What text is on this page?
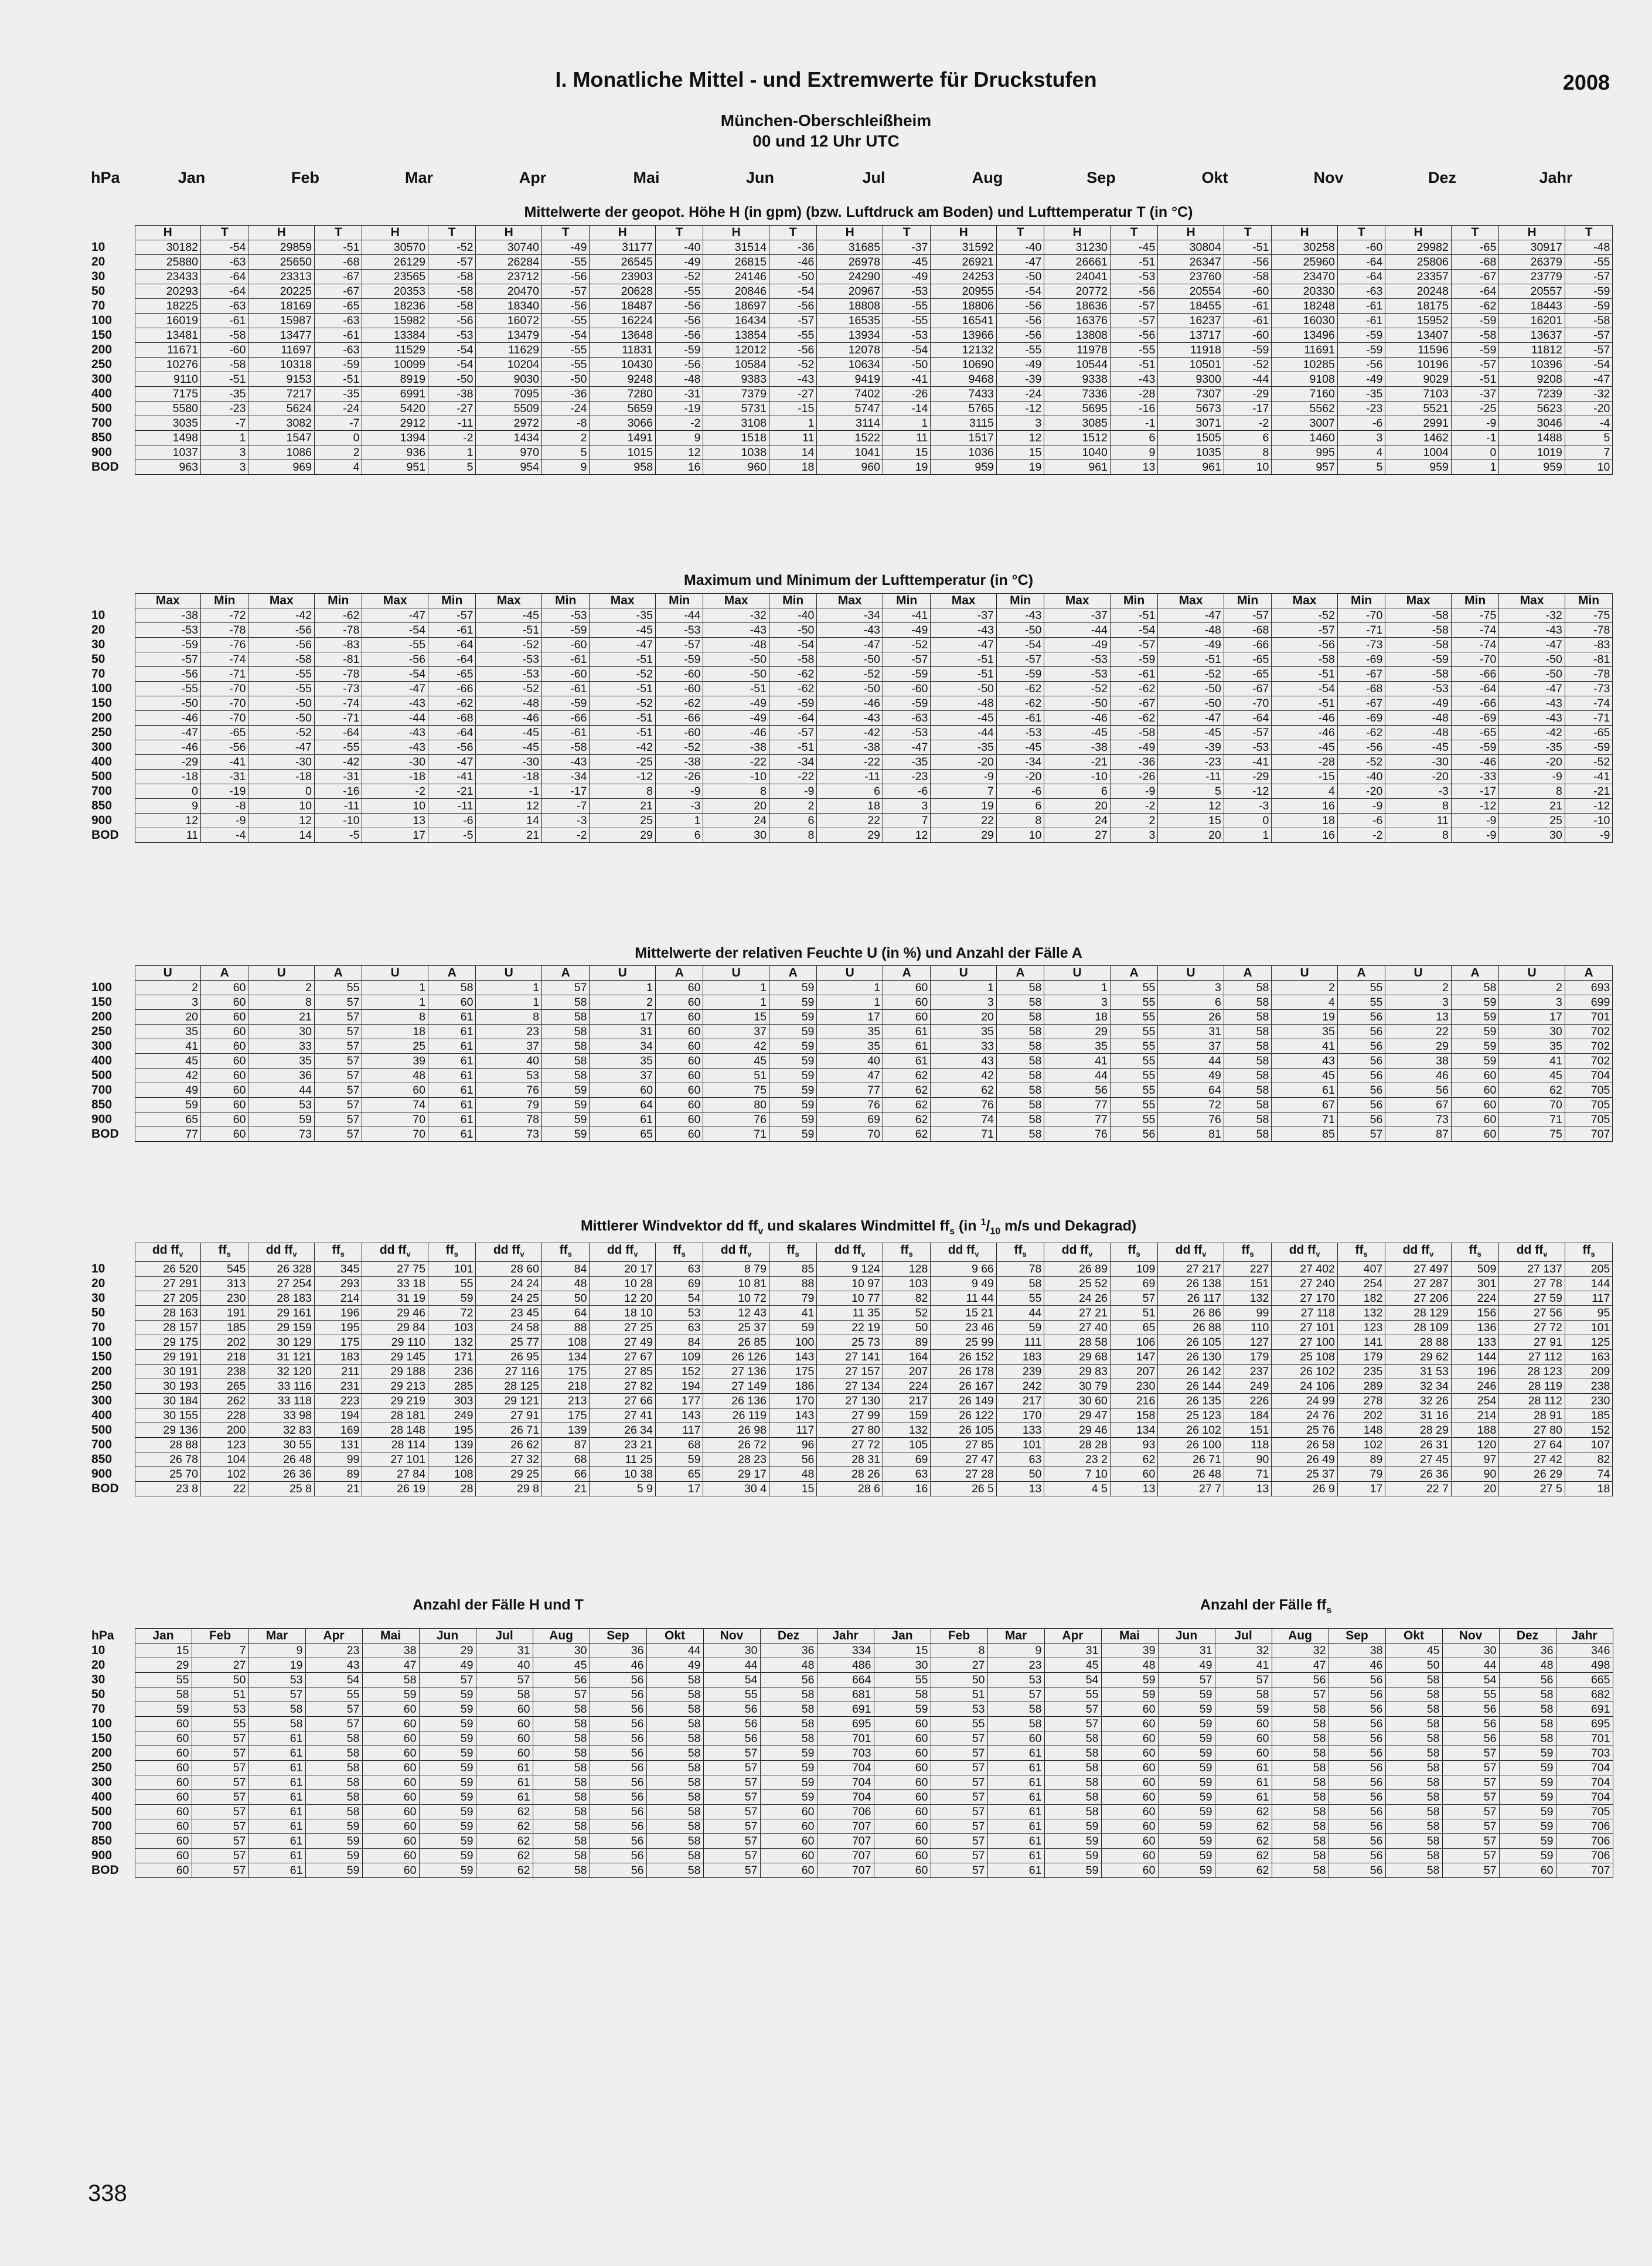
I. Monatliche Mittel - und Extremwerte für Druckstufen	2008
München-Oberschleißheim
00 und 12 Uhr UTC
hPa	Jan	Feb	Mar	Apr	Mai	Jun	Jul	Aug	Sep	Okt	Nov	Dez	Jahr
Mittelwerte der geopot. Höhe H (in gpm) (bzw. Luftdruck am Boden) und Lufttemperatur T (in °C)
	H	T	H	T	H	T	H	T	H	T	H	T	H	T	H	T	H	T	H	T	H	T	H	T	H	T
10	30182	-54	29859	-51	30570	-52	30740	-49	31177	-40	31514	-36	31685	-37	31592	-40	31230	-45	30804	-51	30258	-60	29982	-65	30917	-48
20	25880	-63	25650	-68	26129	-57	26284	-55	26545	-49	26815	-46	26978	-45	26921	-47	26661	-51	26347	-56	25960	-64	25806	-68	26379	-55
30	23433	-64	23313	-67	23565	-58	23712	-56	23903	-52	24146	-50	24290	-49	24253	-50	24041	-53	23760	-58	23470	-64	23357	-67	23779	-57
50	20293	-64	20225	-67	20353	-58	20470	-57	20628	-55	20846	-54	20967	-53	20955	-54	20772	-56	20554	-60	20330	-63	20248	-64	20557	-59
70	18225	-63	18169	-65	18236	-58	18340	-56	18487	-56	18697	-56	18808	-55	18806	-56	18636	-57	18455	-61	18248	-61	18175	-62	18443	-59
100	16019	-61	15987	-63	15982	-56	16072	-55	16224	-56	16434	-57	16535	-55	16541	-56	16376	-57	16237	-61	16030	-61	15952	-59	16201	-58
150	13481	-58	13477	-61	13384	-53	13479	-54	13648	-56	13854	-55	13934	-53	13966	-56	13808	-56	13717	-60	13496	-59	13407	-58	13637	-57
200	11671	-60	11697	-63	11529	-54	11629	-55	11831	-59	12012	-56	12078	-54	12132	-55	11978	-55	11918	-59	11691	-59	11596	-59	11812	-57
250	10276	-58	10318	-59	10099	-54	10204	-55	10430	-56	10584	-52	10634	-50	10690	-49	10544	-51	10501	-52	10285	-56	10196	-57	10396	-54
300	9110	-51	9153	-51	8919	-50	9030	-50	9248	-48	9383	-43	9419	-41	9468	-39	9338	-43	9300	-44	9108	-49	9029	-51	9208	-47
400	7175	-35	7217	-35	6991	-38	7095	-36	7280	-31	7379	-27	7402	-26	7433	-24	7336	-28	7307	-29	7160	-35	7103	-37	7239	-32
500	5580	-23	5624	-24	5420	-27	5509	-24	5659	-19	5731	-15	5747	-14	5765	-12	5695	-16	5673	-17	5562	-23	5521	-25	5623	-20
700	3035	-7	3082	-7	2912	-11	2972	-8	3066	-2	3108	1	3114	1	3115	3	3085	-1	3071	-2	3007	-6	2991	-9	3046	-4
850	1498	1	1547	0	1394	-2	1434	2	1491	9	1518	11	1522	11	1517	12	1512	6	1505	6	1460	3	1462	-1	1488	5
900	1037	3	1086	2	936	1	970	5	1015	12	1038	14	1041	15	1036	15	1040	9	1035	8	995	4	1004	0	1019	7
BOD	963	3	969	4	951	5	954	9	958	16	960	18	960	19	959	19	961	13	961	10	957	5	959	1	959	10
Maximum und Minimum der Lufttemperatur (in °C)
	Max	Min	Max	Min	Max	Min	Max	Min	Max	Min	Max	Min	Max	Min	Max	Min	Max	Min	Max	Min	Max	Min	Max	Min	Max	Min
10	-38	-72	-42	-62	-47	-57	-45	-53	-35	-44	-32	-40	-34	-41	-37	-43	-37	-51	-47	-57	-52	-70	-58	-75	-32	-75
20	-53	-78	-56	-78	-54	-61	-51	-59	-45	-53	-43	-50	-43	-49	-43	-50	-44	-54	-48	-68	-57	-71	-58	-74	-43	-78
30	-59	-76	-56	-83	-55	-64	-52	-60	-47	-57	-48	-54	-47	-52	-47	-54	-49	-57	-49	-66	-56	-73	-58	-74	-47	-83
50	-57	-74	-58	-81	-56	-64	-53	-61	-51	-59	-50	-58	-50	-57	-51	-57	-53	-59	-51	-65	-58	-69	-59	-70	-50	-81
70	-56	-71	-55	-78	-54	-65	-53	-60	-52	-60	-50	-62	-52	-59	-51	-59	-53	-61	-52	-65	-51	-67	-58	-66	-50	-78
100	-55	-70	-55	-73	-47	-66	-52	-61	-51	-60	-51	-62	-50	-60	-50	-62	-52	-62	-50	-67	-54	-68	-53	-64	-47	-73
150	-50	-70	-50	-74	-43	-62	-48	-59	-52	-62	-49	-59	-46	-59	-48	-62	-50	-67	-50	-70	-51	-67	-49	-66	-43	-74
200	-46	-70	-50	-71	-44	-68	-46	-66	-51	-66	-49	-64	-43	-63	-45	-61	-46	-62	-47	-64	-46	-69	-48	-69	-43	-71
250	-47	-65	-52	-64	-43	-64	-45	-61	-51	-60	-46	-57	-42	-53	-44	-53	-45	-58	-45	-57	-46	-62	-48	-65	-42	-65
300	-46	-56	-47	-55	-43	-56	-45	-58	-42	-52	-38	-51	-38	-47	-35	-45	-38	-49	-39	-53	-45	-56	-45	-59	-35	-59
400	-29	-41	-30	-42	-30	-47	-30	-43	-25	-38	-22	-34	-22	-35	-20	-34	-21	-36	-23	-41	-28	-52	-30	-46	-20	-52
500	-18	-31	-18	-31	-18	-41	-18	-34	-12	-26	-10	-22	-11	-23	-9	-20	-10	-26	-11	-29	-15	-40	-20	-33	-9	-41
700	0	-19	0	-16	-2	-21	-1	-17	8	-9	8	-9	6	-6	7	-6	6	-9	5	-12	4	-20	-3	-17	8	-21
850	9	-8	10	-11	10	-11	12	-7	21	-3	20	2	18	3	19	6	20	-2	12	-3	16	-9	8	-12	21	-12
900	12	-9	12	-10	13	-6	14	-3	25	1	24	6	22	7	22	8	24	2	15	0	18	-6	11	-9	25	-10
BOD	11	-4	14	-5	17	-5	21	-2	29	6	30	8	29	12	29	10	27	3	20	1	16	-2	8	-9	30	-9
Mittelwerte der relativen Feuchte U (in %) und Anzahl der Fälle A
	U	A	U	A	U	A	U	A	U	A	U	A	U	A	U	A	U	A	U	A	U	A	U	A	U	A
100	2	60	2	55	1	58	1	57	1	60	1	59	1	60	1	58	1	55	3	58	2	55	2	58	2	693
150	3	60	8	57	1	60	1	58	2	60	1	59	1	60	3	58	3	55	6	58	4	55	3	59	3	699
200	20	60	21	57	8	61	8	58	17	60	15	59	17	60	20	58	18	55	26	58	19	56	13	59	17	701
250	35	60	30	57	18	61	23	58	31	60	37	59	35	61	35	58	29	55	31	58	35	56	22	59	30	702
300	41	60	33	57	25	61	37	58	34	60	42	59	35	61	33	58	35	55	37	58	41	56	29	59	35	702
400	45	60	35	57	39	61	40	58	35	60	45	59	40	61	43	58	41	55	44	58	43	56	38	59	41	702
500	42	60	36	57	48	61	53	58	37	60	51	59	47	62	42	58	44	55	49	58	45	56	46	60	45	704
700	49	60	44	57	60	61	76	59	60	60	75	59	77	62	62	58	56	55	64	58	61	56	56	60	62	705
850	59	60	53	57	74	61	79	59	64	60	80	59	76	62	76	58	77	55	72	58	67	56	67	60	70	705
900	65	60	59	57	70	61	78	59	61	60	76	59	69	62	74	58	77	55	76	58	71	56	73	60	71	705
BOD	77	60	73	57	70	61	73	59	65	60	71	59	70	62	71	58	76	56	81	58	85	57	87	60	75	707
Mittlerer Windvektor dd $ff_v$ und skalares Windmittel $ff_s$ (in $^1/_{10}$ m/s und Dekagrad)
	dd $ff_v$	$ff_s$	dd $ff_v$	$ff_s$	dd $ff_v$	$ff_s$	dd $ff_v$	$ff_s$	dd $ff_v$	$ff_s$	dd $ff_v$	$ff_s$	dd $ff_v$	$ff_s$	dd $ff_v$	$ff_s$	dd $ff_v$	$ff_s$	dd $ff_v$	$ff_s$	dd $ff_v$	$ff_s$	dd $ff_v$	$ff_s$	dd $ff_v$	$ff_s$
10	26 520	545	26 328	345	27 75	101	28 60	84	20 17	63	8 79	85	9 124	128	9 66	78	26 89	109	27 217	227	27 402	407	27 497	509	27 137	205
20	27 291	313	27 254	293	33 18	55	24 24	48	10 28	69	10 81	88	10 97	103	9 49	58	25 52	69	26 138	151	27 240	254	27 287	301	27 78	144
30	27 205	230	28 183	214	31 19	59	24 25	50	12 20	54	10 72	79	10 77	82	11 44	55	24 26	57	26 117	132	27 170	182	27 206	224	27 59	117
50	28 163	191	29 161	196	29 46	72	23 45	64	18 10	53	12 43	41	11 35	52	15 21	44	27 21	51	26 86	99	27 118	132	28 129	156	27 56	95
70	28 157	185	29 159	195	29 84	103	24 58	88	27 25	63	25 37	59	22 19	50	23 46	59	27 40	65	26 88	110	27 101	123	28 109	136	27 72	101
100	29 175	202	30 129	175	29 110	132	25 77	108	27 49	84	26 85	100	25 73	89	25 99	111	28 58	106	26 105	127	27 100	141	28 88	133	27 91	125
150	29 191	218	31 121	183	29 145	171	26 95	134	27 67	109	26 126	143	27 141	164	26 152	183	29 68	147	26 130	179	25 108	179	29 62	144	27 112	163
200	30 191	238	32 120	211	29 188	236	27 116	175	27 85	152	27 136	175	27 157	207	26 178	239	29 83	207	26 142	237	26 102	235	31 53	196	28 123	209
250	30 193	265	33 116	231	29 213	285	28 125	218	27 82	194	27 149	186	27 134	224	26 167	242	30 79	230	26 144	249	24 106	289	32 34	246	28 119	238
300	30 184	262	33 118	223	29 219	303	29 121	213	27 66	177	26 136	170	27 130	217	26 149	217	30 60	216	26 135	226	24 99	278	32 26	254	28 112	230
400	30 155	228	33 98	194	28 181	249	27 91	175	27 41	143	26 119	143	27 99	159	26 122	170	29 47	158	25 123	184	24 76	202	31 16	214	28 91	185
500	29 136	200	32 83	169	28 148	195	26 71	139	26 34	117	26 98	117	27 80	132	26 105	133	29 46	134	26 102	151	25 76	148	28 29	188	27 80	152
700	28 88	123	30 55	131	28 114	139	26 62	87	23 21	68	26 72	96	27 72	105	27 85	101	28 28	93	26 100	118	26 58	102	26 31	120	27 64	107
850	26 78	104	26 48	99	27 101	126	27 32	68	11 25	59	28 23	56	28 31	69	27 47	63	23 2	62	26 71	90	26 49	89	27 45	97	27 42	82
900	25 70	102	26 36	89	27 84	108	29 25	66	10 38	65	29 17	48	28 26	63	27 28	50	7 10	60	26 48	71	25 37	79	26 36	90	26 29	74
BOD	23 8	22	25 8	21	26 19	28	29 8	21	5 9	17	30 4	15	28 6	16	26 5	13	4 5	13	27 7	13	26 9	17	22 7	20	27 5	18
Anzahl der Fälle H und T	Anzahl der Fälle $ff_s$
hPa	Jan	Feb	Mar	Apr	Mai	Jun	Jul	Aug	Sep	Okt	Nov	Dez	Jahr	Jan	Feb	Mar	Apr	Mai	Jun	Jul	Aug	Sep	Okt	Nov	Dez	Jahr
10	15	7	9	23	38	29	31	30	36	44	30	36	334	15	8	9	31	39	31	32	32	38	45	30	36	346
20	29	27	19	43	47	49	40	45	46	49	44	48	486	30	27	23	45	48	49	41	47	46	50	44	48	498
30	55	50	53	54	58	57	57	56	56	58	54	56	664	55	50	53	54	59	57	57	56	56	58	54	56	665
50	58	51	57	55	59	59	58	57	56	58	55	58	681	58	51	57	55	59	59	58	57	56	58	55	58	682
70	59	53	58	57	60	59	60	58	56	58	56	58	691	59	53	58	57	60	59	59	58	56	58	56	58	691
100	60	55	58	57	60	59	60	58	56	58	56	58	695	60	55	58	57	60	59	60	58	56	58	56	58	695
150	60	57	61	58	60	59	60	58	56	58	56	58	701	60	57	60	58	60	59	60	58	56	58	56	58	701
200	60	57	61	58	60	59	60	58	56	58	57	59	703	60	57	61	58	60	59	60	58	56	58	57	59	703
250	60	57	61	58	60	59	61	58	56	58	57	59	704	60	57	61	58	60	59	61	58	56	58	57	59	704
300	60	57	61	58	60	59	61	58	56	58	57	59	704	60	57	61	58	60	59	61	58	56	58	57	59	704
400	60	57	61	58	60	59	61	58	56	58	57	59	704	60	57	61	58	60	59	61	58	56	58	57	59	704
500	60	57	61	58	60	59	62	58	56	58	57	60	706	60	57	61	58	60	59	62	58	56	58	57	59	705
700	60	57	61	59	60	59	62	58	56	58	57	60	707	60	57	61	59	60	59	62	58	56	58	57	59	706
850	60	57	61	59	60	59	62	58	56	58	57	60	707	60	57	61	59	60	59	62	58	56	58	57	59	706
900	60	57	61	59	60	59	62	58	56	58	57	60	707	60	57	61	59	60	59	62	58	56	58	57	59	706
BOD	60	57	61	59	60	59	62	58	56	58	57	60	707	60	57	61	59	60	59	62	58	56	58	57	60	707
338
